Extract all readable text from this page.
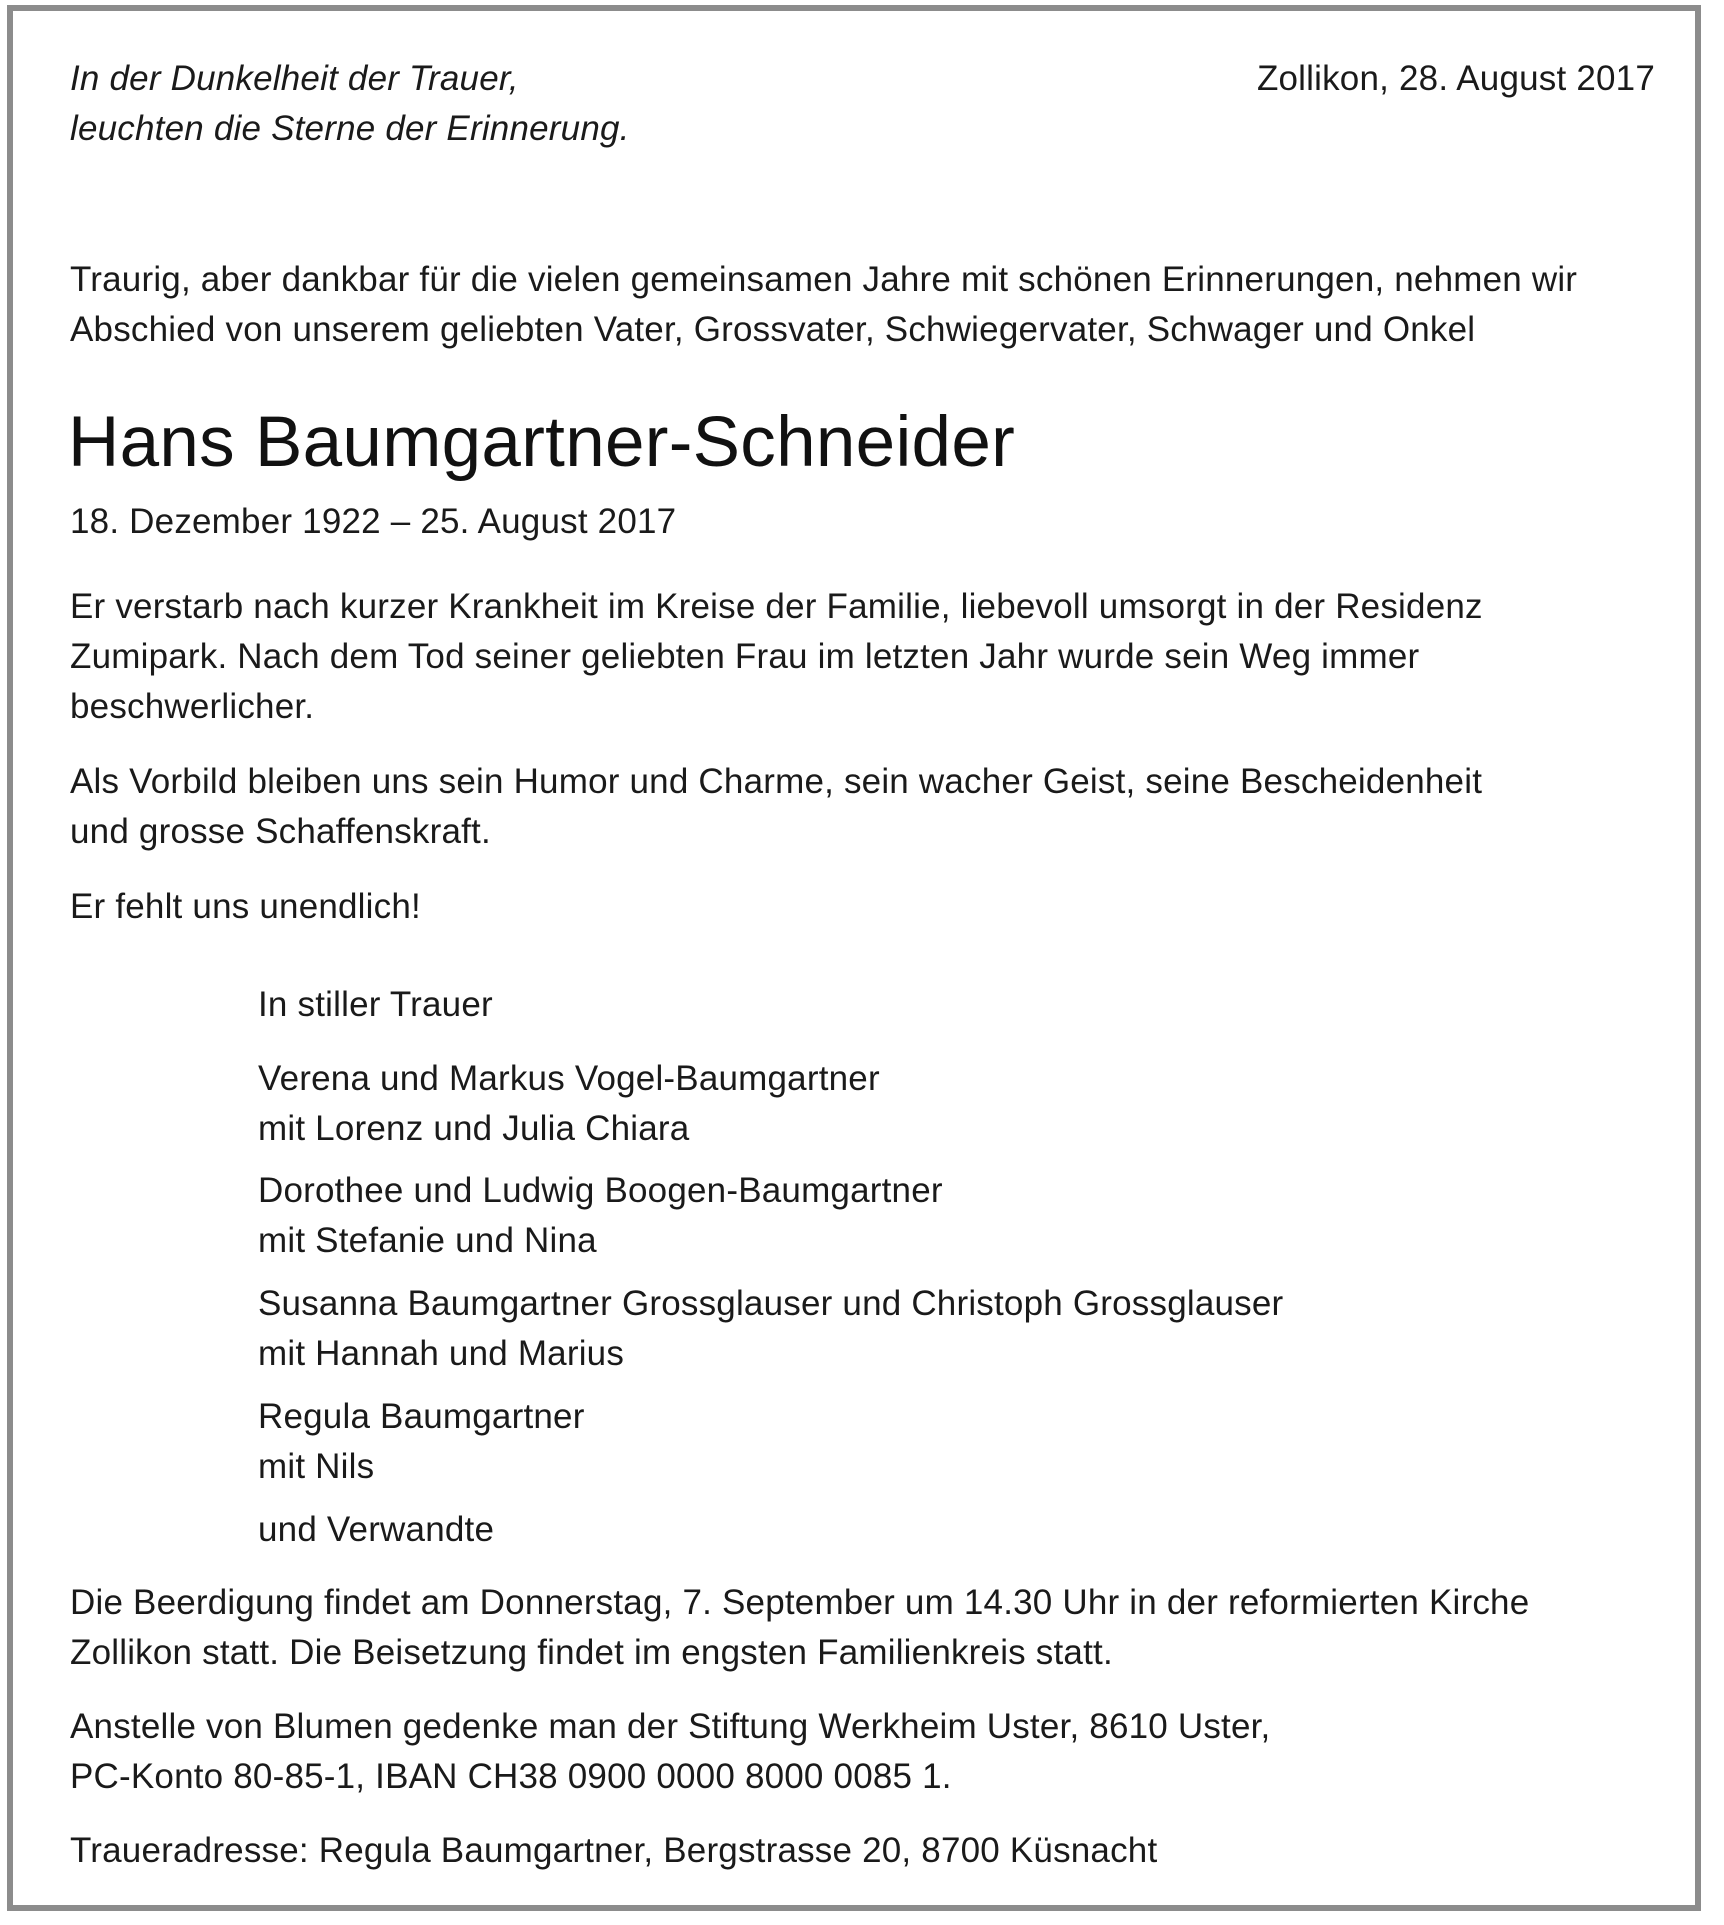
In der Dunkelheit der Trauer,
leuchten die Sterne der Erinnerung.
Zollikon, 28. August 2017
Traurig, aber dankbar für die vielen gemeinsamen Jahre mit schönen Erinnerungen, nehmen wir
Abschied von unserem geliebten Vater, Grossvater, Schwiegervater, Schwager und Onkel
Hans Baumgartner-Schneider
18. Dezember 1922 – 25. August 2017
Er verstarb nach kurzer Krankheit im Kreise der Familie, liebevoll umsorgt in der Residenz
Zumipark. Nach dem Tod seiner geliebten Frau im letzten Jahr wurde sein Weg immer
beschwerlicher.
Als Vorbild bleiben uns sein Humor und Charme, sein wacher Geist, seine Bescheidenheit
und grosse Schaffenskraft.
Er fehlt uns unendlich!
In stiller Trauer
Verena und Markus Vogel-Baumgartner
mit Lorenz und Julia Chiara
Dorothee und Ludwig Boogen-Baumgartner
mit Stefanie und Nina
Susanna Baumgartner Grossglauser und Christoph Grossglauser
mit Hannah und Marius
Regula Baumgartner
mit Nils
und Verwandte
Die Beerdigung findet am Donnerstag, 7. September um 14.30 Uhr in der reformierten Kirche
Zollikon statt. Die Beisetzung findet im engsten Familienkreis statt.
Anstelle von Blumen gedenke man der Stiftung Werkheim Uster, 8610 Uster,
PC-Konto 80-85-1, IBAN CH38 0900 0000 8000 0085 1.
Traueradresse: Regula Baumgartner, Bergstrasse 20, 8700 Küsnacht
